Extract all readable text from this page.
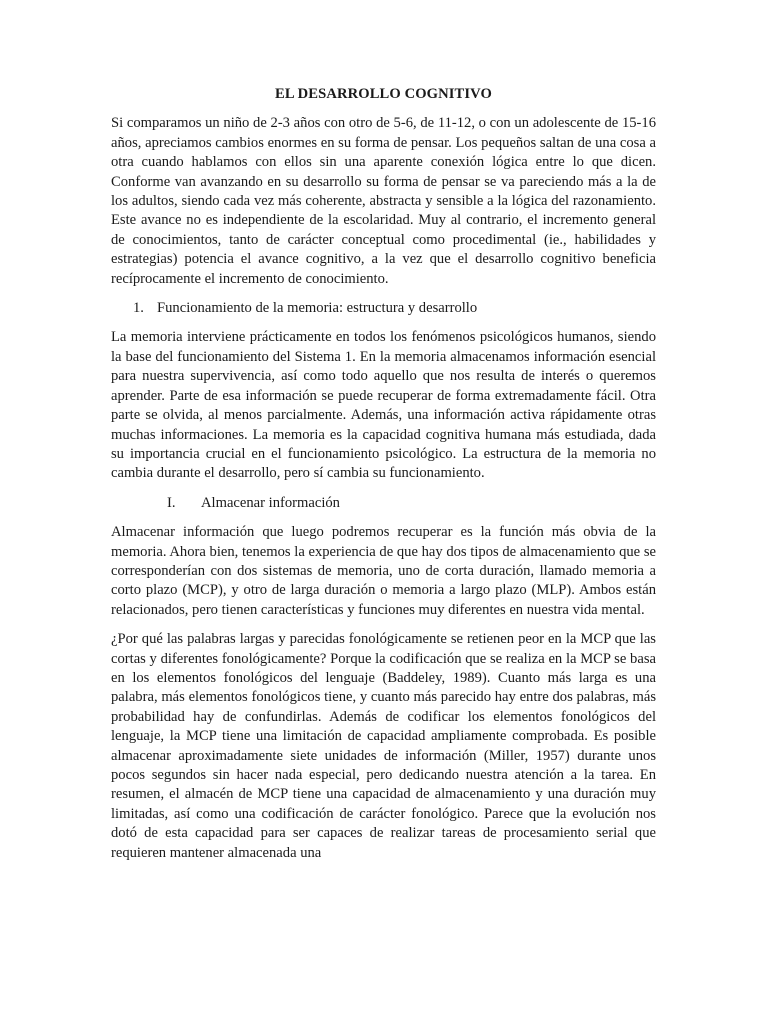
EL DESARROLLO COGNITIVO

Si comparamos un niño de 2-3 años con otro de 5-6, de 11-12, o con un adolescente de 15-16 años, apreciamos cambios enormes en su forma de pensar. Los pequeños saltan de una cosa a otra cuando hablamos con ellos sin una aparente conexión lógica entre lo que dicen. Conforme van avanzando en su desarrollo su forma de pensar se va pareciendo más a la de los adultos, siendo cada vez más coherente, abstracta y sensible a la lógica del razonamiento. Este avance no es independiente de la escolaridad. Muy al contrario, el incremento general de conocimientos, tanto de carácter conceptual como procedimental (ie., habilidades y estrategias) potencia el avance cognitivo, a la vez que el desarrollo cognitivo beneficia recíprocamente el incremento de conocimiento.

1. Funcionamiento de la memoria: estructura y desarrollo

La memoria interviene prácticamente en todos los fenómenos psicológicos humanos, siendo la base del funcionamiento del Sistema 1. En la memoria almacenamos información esencial para nuestra supervivencia, así como todo aquello que nos resulta de interés o queremos aprender. Parte de esa información se puede recuperar de forma extremadamente fácil. Otra parte se olvida, al menos parcialmente. Además, una información activa rápidamente otras muchas informaciones. La memoria es la capacidad cognitiva humana más estudiada, dada su importancia crucial en el funcionamiento psicológico. La estructura de la memoria no cambia durante el desarrollo, pero sí cambia su funcionamiento.

I.	Almacenar información

Almacenar información que luego podremos recuperar es la función más obvia de la memoria. Ahora bien, tenemos la experiencia de que hay dos tipos de almacenamiento que se corresponderían con dos sistemas de memoria, uno de corta duración, llamado memoria a corto plazo (MCP), y otro de larga duración o memoria a largo plazo (MLP). Ambos están relacionados, pero tienen características y funciones muy diferentes en nuestra vida mental.

¿Por qué las palabras largas y parecidas fonológicamente se retienen peor en la MCP que las cortas y diferentes fonológicamente? Porque la codificación que se realiza en la MCP se basa en los elementos fonológicos del lenguaje (Baddeley, 1989). Cuanto más larga es una palabra, más elementos fonológicos tiene, y cuanto más parecido hay entre dos palabras, más probabilidad hay de confundirlas. Además de codificar los elementos fonológicos del lenguaje, la MCP tiene una limitación de capacidad ampliamente comprobada. Es posible almacenar aproximadamente siete unidades de información (Miller, 1957) durante unos pocos segundos sin hacer nada especial, pero dedicando nuestra atención a la tarea. En resumen, el almacén de MCP tiene una capacidad de almacenamiento y una duración muy limitadas, así como una codificación de carácter fonológico. Parece que la evolución nos dotó de esta capacidad para ser capaces de realizar tareas de procesamiento serial que requieren mantener almacenada una
